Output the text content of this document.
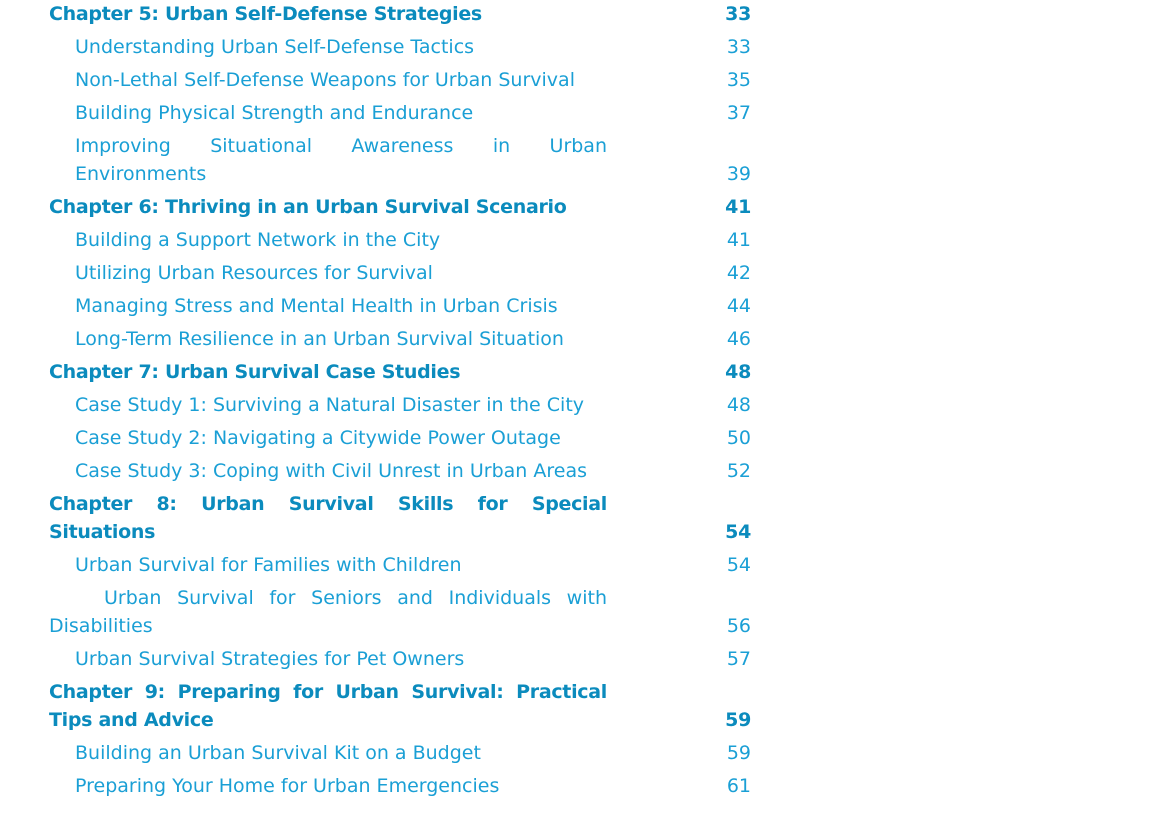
Chapter 5: Urban Self-Defense Strategies	33
Understanding Urban Self-Defense Tactics	33
Non-Lethal Self-Defense Weapons for Urban Survival	35
Building Physical Strength and Endurance	37
Improving Situational Awareness in Urban Environments	39
Chapter 6: Thriving in an Urban Survival Scenario	41
Building a Support Network in the City	41
Utilizing Urban Resources for Survival	42
Managing Stress and Mental Health in Urban Crisis	44
Long-Term Resilience in an Urban Survival Situation	46
Chapter 7: Urban Survival Case Studies	48
Case Study 1: Surviving a Natural Disaster in the City	48
Case Study 2: Navigating a Citywide Power Outage	50
Case Study 3: Coping with Civil Unrest in Urban Areas	52
Chapter 8: Urban Survival Skills for Special Situations	54
Urban Survival for Families with Children	54
Urban Survival for Seniors and Individuals with Disabilities	56
Urban Survival Strategies for Pet Owners	57
Chapter 9: Preparing for Urban Survival: Practical Tips and Advice	59
Building an Urban Survival Kit on a Budget	59
Preparing Your Home for Urban Emergencies	61
